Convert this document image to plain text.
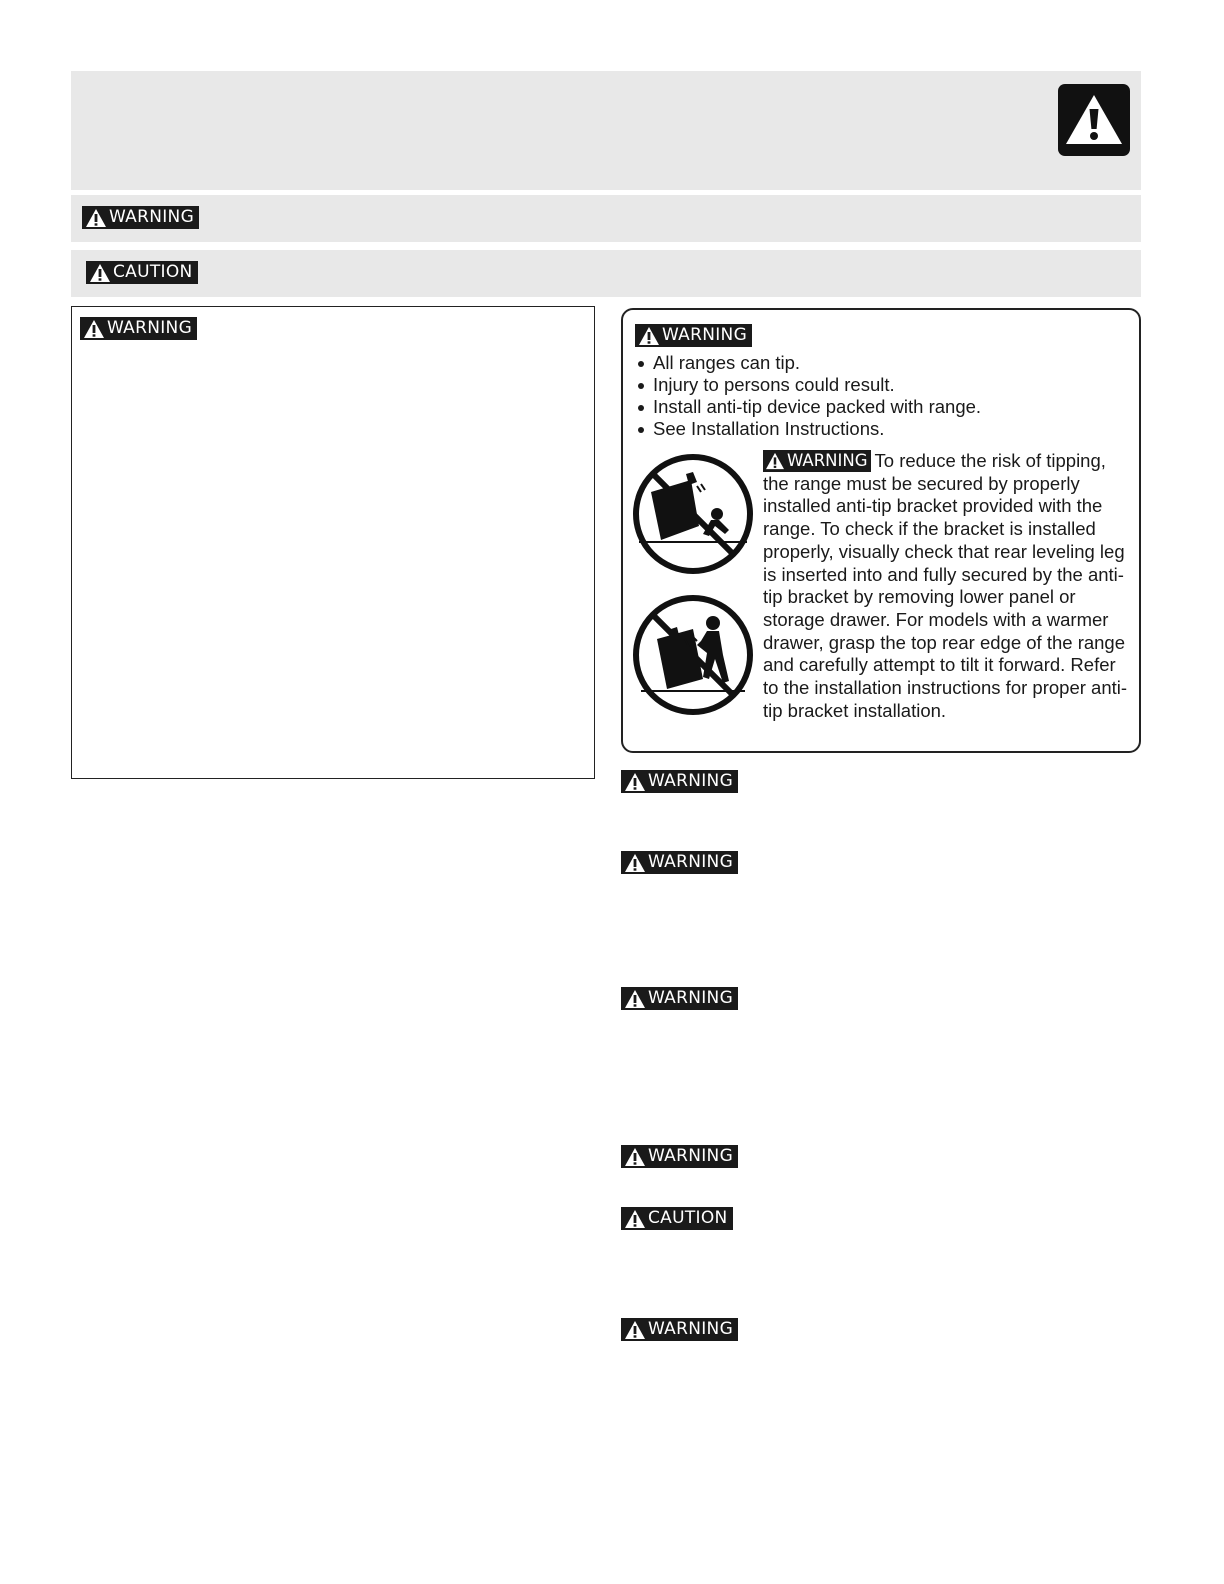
WARNING
CAUTION
WARNING	WARNING
All ranges can tip.
Injury to persons could result.
Install anti-tip device packed with range.
See Installation Instructions.
WARNING To reduce the risk of tipping, the range must be secured by properly installed anti-tip bracket provided with the range. To check if the bracket is installed properly, visually check that rear leveling leg is inserted into and fully secured by the anti-tip bracket by removing lower panel or storage drawer. For models with a warmer drawer, grasp the top rear edge of the range and carefully attempt to tilt it forward. Refer to the installation instructions for proper anti-tip bracket installation.
WARNING
WARNING
WARNING
WARNING
CAUTION
WARNING
